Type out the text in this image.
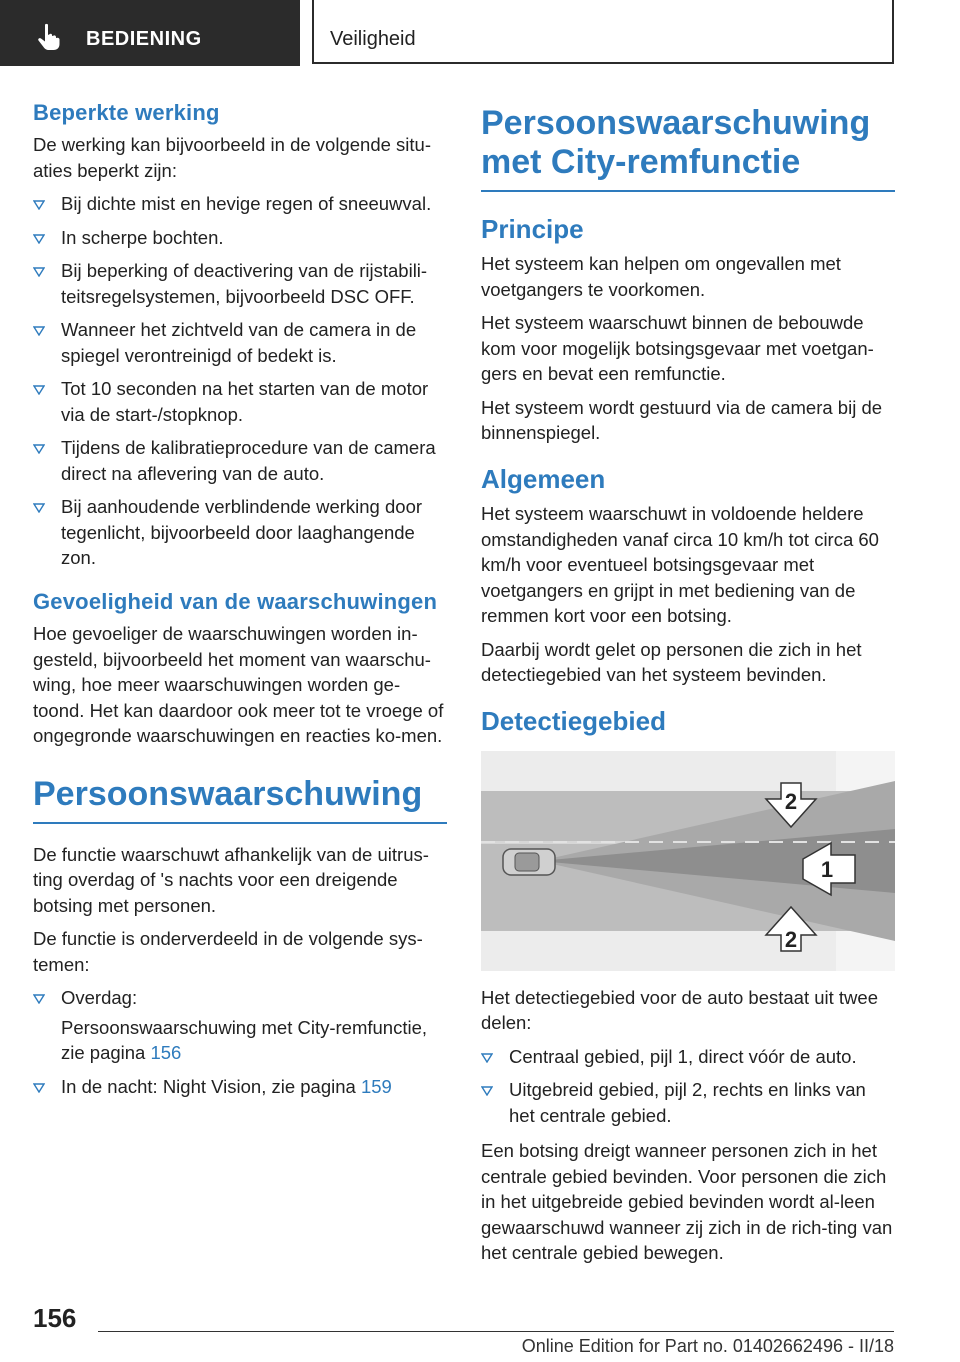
BEDIENING	Veiligheid
Beperkte werking

De werking kan bijvoorbeeld in de volgende situ-aties beperkt zijn:

Bij dichte mist en hevige regen of sneeuwval.
In scherpe bochten.
Bij beperking of deactivering van de rijstabili-teitsregelsystemen, bijvoorbeeld DSC OFF.
Wanneer het zichtveld van de camera in de spiegel verontreinigd of bedekt is.
Tot 10 seconden na het starten van de motor via de start-/stopknop.
Tijdens de kalibratieprocedure van de camera direct na aflevering van de auto.
Bij aanhoudende verblindende werking door tegenlicht, bijvoorbeeld door laaghangende zon.
Gevoeligheid van de waarschuwingen

Hoe gevoeliger de waarschuwingen worden in-gesteld, bijvoorbeeld het moment van waarschu-wing, hoe meer waarschuwingen worden ge-toond. Het kan daardoor ook meer tot te vroege of ongegronde waarschuwingen en reacties ko-men.

Persoonswaarschuwing

De functie waarschuwt afhankelijk van de uitrus-ting overdag of 's nachts voor een dreigende botsing met personen.

De functie is onderverdeeld in de volgende sys-temen:

Overdag:
Persoonswaarschuwing met City-remfunctie, zie pagina 156
In de nacht: Night Vision, zie pagina 159
Persoonswaarschuwing met City-remfunctie
Principe

Het systeem kan helpen om ongevallen met voetgangers te voorkomen.

Het systeem waarschuwt binnen de bebouwde kom voor mogelijk botsingsgevaar met voetgan-gers en bevat een remfunctie.

Het systeem wordt gestuurd via de camera bij de binnenspiegel.

Algemeen

Het systeem waarschuwt in voldoende heldere omstandigheden vanaf circa 10 km/h tot circa 60 km/h voor eventueel botsingsgevaar met voetgangers en grijpt in met bediening van de remmen kort voor een botsing.

Daarbij wordt gelet op personen die zich in het detectiegebied van het systeem bevinden.

Detectiegebied
2
1
2

Het detectiegebied voor de auto bestaat uit twee delen:

Centraal gebied, pijl 1, direct vóór de auto.
Uitgebreid gebied, pijl 2, rechts en links van het centrale gebied.

Een botsing dreigt wanneer personen zich in het centrale gebied bevinden. Voor personen die zich in het uitgebreide gebied bevinden wordt al-leen gewaarschuwd wanneer zij zich in de rich-ting van het centrale gebied bewegen.

156
Online Edition for Part no. 01402662496 - II/18
